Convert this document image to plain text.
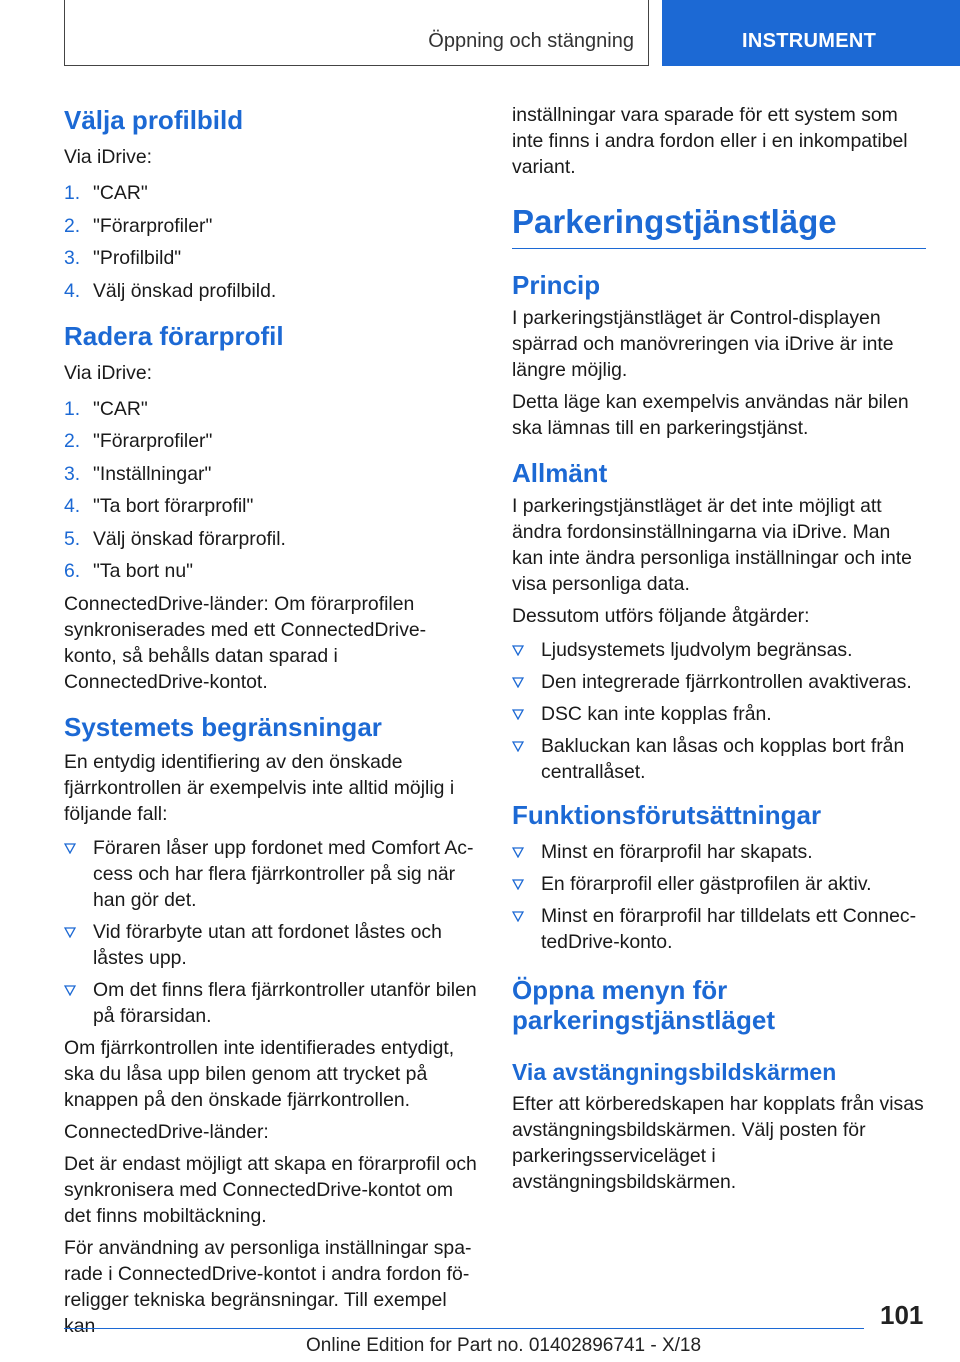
Öppning och stängning	INSTRUMENT
Välja profilbild

Via iDrive:

1. "CAR"
2. "Förarprofiler"
3. "Profilbild"
4. Välj önskad profilbild.
Radera förarprofil

Via iDrive:

1. "CAR"
2. "Förarprofiler"
3. "Inställningar"
4. "Ta bort förarprofil"
5. Välj önskad förarprofil.
6. "Ta bort nu"

ConnectedDrive-länder: Om förarprofilen synkroniserades med ett ConnectedDrive-konto, så behålls datan sparad i ConnectedDrive-kontot.

Systemets begränsningar

En entydig identifiering av den önskade fjärrkontrollen är exempelvis inte alltid möjlig i följande fall:

Föraren låser upp fordonet med Comfort Access och har flera fjärrkontroller på sig när han gör det.
Vid förarbyte utan att fordonet låstes och låstes upp.
Om det finns flera fjärrkontroller utanför bilen på förarsidan.

Om fjärrkontrollen inte identifierades entydigt, ska du låsa upp bilen genom att trycket på knappen på den önskade fjärrkontrollen.

ConnectedDrive-länder:

Det är endast möjligt att skapa en förarprofil och synkronisera med ConnectedDrive-kontot om det finns mobiltäckning.

För användning av personliga inställningar sparade i ConnectedDrive-kontot i andra fordon föreligger tekniska begränsningar. Till exempel kan

inställningar vara sparade för ett system som inte finns i andra fordon eller i en inkompatibel variant.

Parkeringstjänstläge
Princip

I parkeringstjänstläget är Control-displayen spärrad och manövreringen via iDrive är inte längre möjlig.

Detta läge kan exempelvis användas när bilen ska lämnas till en parkeringstjänst.

Allmänt

I parkeringstjänstläget är det inte möjligt att ändra fordonsinställningarna via iDrive. Man kan inte ändra personliga inställningar och inte visa personliga data.

Dessutom utförs följande åtgärder:

Ljudsystemets ljudvolym begränsas.
Den integrerade fjärrkontrollen avaktiveras.
DSC kan inte kopplas från.
Bakluckan kan låsas och kopplas bort från centrallåset.
Funktionsförutsättningar
Minst en förarprofil har skapats.
En förarprofil eller gästprofilen är aktiv.
Minst en förarprofil har tilldelats ett ConnectedDrive-konto.
Öppna menyn för
parkeringstjänstläget
Via avstängningsbildskärmen

Efter att körberedskapen har kopplats från visas avstängningsbildskärmen. Välj posten för parkeringsserviceläget i avstängningsbildskärmen.

101
Online Edition for Part no. 01402896741 - X/18
